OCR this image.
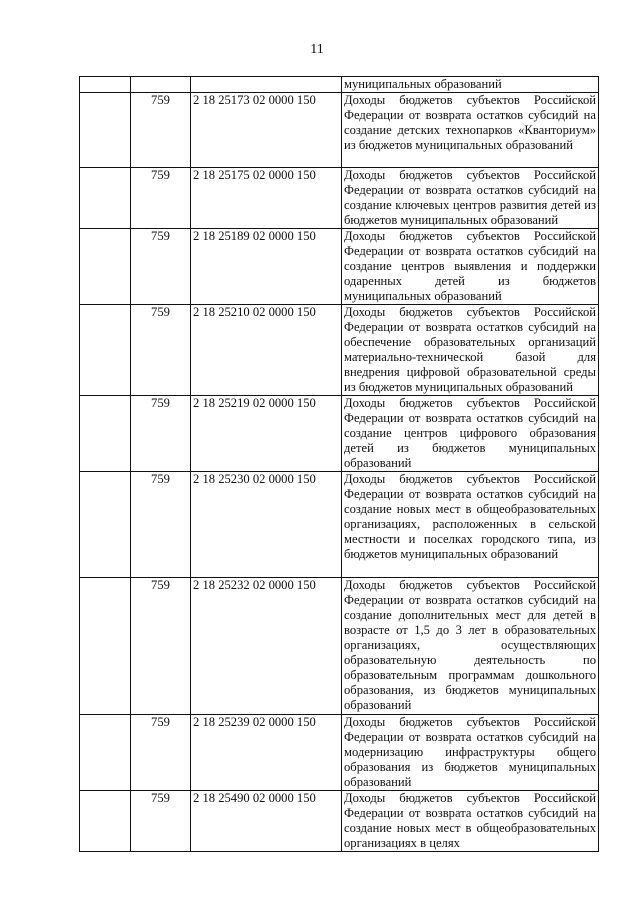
11
			муниципальных образований
	759	2 18 25173 02 0000 150	Доходы бюджетов субъектов Российской Федерации от возврата остатков субсидий на создание детских технопарков «Кванториум» из бюджетов муниципальных образований
	759	2 18 25175 02 0000 150	Доходы бюджетов субъектов Российской Федерации от возврата остатков субсидий на создание ключевых центров развития детей из бюджетов муниципальных образований
	759	2 18 25189 02 0000 150	Доходы бюджетов субъектов Российской Федерации от возврата остатков субсидий на создание центров выявления и поддержки одаренных детей из бюджетов муниципальных образований
	759	2 18 25210 02 0000 150	Доходы бюджетов субъектов Российской Федерации от возврата остатков субсидий на обеспечение образовательных организаций материально-технической базой для внедрения цифровой образовательной среды из бюджетов муниципальных образований
	759	2 18 25219 02 0000 150	Доходы бюджетов субъектов Российской Федерации от возврата остатков субсидий на создание центров цифрового образования детей из бюджетов муниципальных образований
	759	2 18 25230 02 0000 150	Доходы бюджетов субъектов Российской Федерации от возврата остатков субсидий на создание новых мест в общеобразовательных организациях, расположенных в сельской местности и поселках городского типа, из бюджетов муниципальных образований
	759	2 18 25232 02 0000 150	Доходы бюджетов субъектов Российской Федерации от возврата остатков субсидий на создание дополнительных мест для детей в возрасте от 1,5 до 3 лет в образовательных организациях, осуществляющих образовательную деятельность по образовательным программам дошкольного образования, из бюджетов муниципальных образований
	759	2 18 25239 02 0000 150	Доходы бюджетов субъектов Российской Федерации от возврата остатков субсидий на модернизацию инфраструктуры общего образования из бюджетов муниципальных образований
	759	2 18 25490 02 0000 150	Доходы бюджетов субъектов Российской Федерации от возврата остатков субсидий на создание новых мест в общеобразовательных организациях в целях
